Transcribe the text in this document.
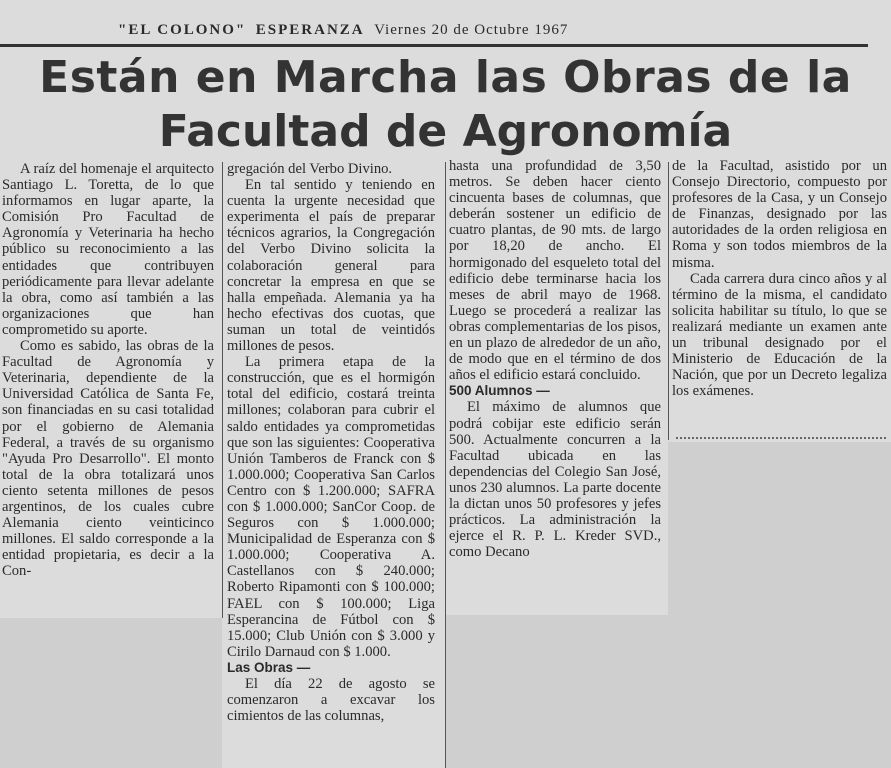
"EL COLONO" ESPERANZA Viernes 20 de Octubre 1967
Están en Marcha las Obras de la
Facultad de Agronomía

A raíz del homenaje el arquitecto Santiago L. Toretta, de lo que informamos en lugar aparte, la Comisión Pro Facultad de Agronomía y Veterinaria ha hecho público su reconocimiento a las entidades que contribuyen periódicamente para llevar adelante la obra, como así también a las organizaciones que han comprometido su aporte.

Como es sabido, las obras de la Facultad de Agronomía y Veterinaria, dependiente de la Universidad Católica de Santa Fe, son financiadas en su casi totalidad por el gobierno de Alemania Federal, a través de su organismo "Ayuda Pro Desarrollo". El monto total de la obra totalizará unos ciento setenta millones de pesos argentinos, de los cuales cubre Alemania ciento veinticinco millones. El saldo corresponde a la entidad propietaria, es decir a la Con-

gregación del Verbo Divino.

En tal sentido y teniendo en cuenta la urgente necesidad que experimenta el país de preparar técnicos agrarios, la Congregación del Verbo Divino solicita la colaboración general para concretar la empresa en que se halla empeñada. Alemania ya ha hecho efectivas dos cuotas, que suman un total de veintidós millones de pesos.

La primera etapa de la construcción, que es el hormigón total del edificio, costará treinta millones; colaboran para cubrir el saldo entidades ya comprometidas que son las siguientes: Cooperativa Unión Tamberos de Franck con $ 1.000.000; Cooperativa San Carlos Centro con $ 1.200.000; SAFRA con $ 1.000.000; SanCor Coop. de Seguros con $ 1.000.000; Municipalidad de Esperanza con $ 1.000.000; Cooperativa A. Castellanos con $ 240.000; Roberto Ripamonti con $ 100.000; FAEL con $ 100.000; Liga Esperancina de Fútbol con $ 15.000; Club Unión con $ 3.000 y Cirilo Darnaud con $ 1.000.

Las Obras —

El día 22 de agosto se comenzaron a excavar los cimientos de las columnas,

hasta una profundidad de 3,50 metros. Se deben hacer ciento cincuenta bases de columnas, que deberán sostener un edificio de cuatro plantas, de 90 mts. de largo por 18,20 de ancho. El hormigonado del esqueleto total del edificio debe terminarse hacia los meses de abril mayo de 1968. Luego se procederá a realizar las obras complementarias de los pisos, en un plazo de alrededor de un año, de modo que en el término de dos años el edificio estará concluido.

500 Alumnos —

El máximo de alumnos que podrá cobijar este edificio serán 500. Actualmente concurren a la Facultad ubicada en las dependencias del Colegio San José, unos 230 alumnos. La parte docente la dictan unos 50 profesores y jefes prácticos. La administración la ejerce el R. P. L. Kreder SVD., como Decano

de la Facultad, asistido por un Consejo Directorio, compuesto por profesores de la Casa, y un Consejo de Finanzas, designado por las autoridades de la orden religiosa en Roma y son todos miembros de la misma.

Cada carrera dura cinco años y al término de la misma, el candidato solicita habilitar su título, lo que se realizará mediante un examen ante un tribunal designado por el Ministerio de Educación de la Nación, que por un Decreto legaliza los exámenes.
